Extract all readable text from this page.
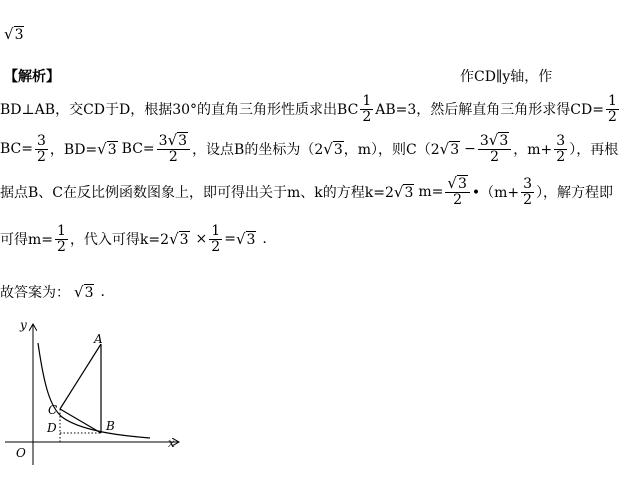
√3
【解析】	作CD∥y轴，作
BD⊥AB，交CD于D，根据30°的直角三角形性质求出BC $\frac{1}{2} AB=3$，然后解直角三角形求得$CD= \frac{1}{2}$
$BC= \frac{3}{2}$ ，BD= √3 $BC= \frac{3√3}{2}$ ，设点B的坐标为（2 √3 ，m），则C（2 $√3 - \frac{3√3}{2}$ ，$m+ \frac{3}{2}$ ），再根
据点B、C在反比例函数图象上，即可得出关于m、k的方程k=2 √3 $m= \frac{√3}{2}$ •（m+ $\frac{3}{2}$ ），解方程即
可得$m= \frac{1}{2}$ ，代入可得k=2 $√3 \times \frac{1}{2} = √3$ .
故答案为： √3 .
y
x
O
A
B
C
D
